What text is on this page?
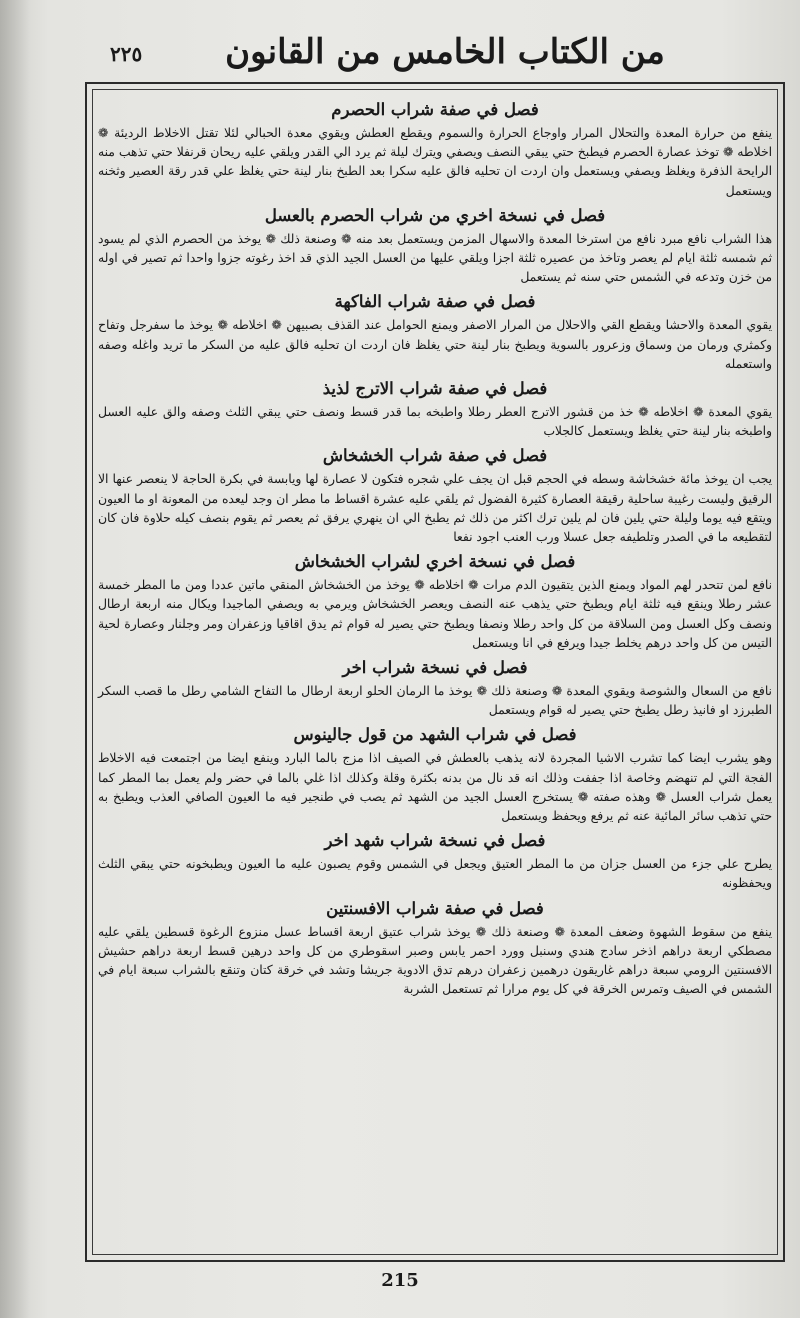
٢٢٥	من الكتاب الخامس من القانون
فصل في صفة شراب الحصرم

ينفع من حرارة المعدة والتحلال المرار واوجاع الحرارة والسموم ويقطع العطش ويقوي معدة الحبالي لئلا تقتل الاخلاط الرديئة ❁ اخلاطه ❁ توخذ عصارة الحصرم فيطبخ حتي يبقي النصف ويصفي ويترك ليلة ثم يرد الي القدر ويلقي عليه ريحان قرنفلا حتي تذهب منه الرايحة الذفرة ويغلظ ويصفي ويستعمل وان اردت ان تحليه فالق عليه سكرا بعد الطبخ بنار لينة حتي يغلظ علي قدر رقة العصير وثخنه ويستعمل

فصل في نسخة اخري من شراب الحصرم بالعسل

هذا الشراب نافع مبرد نافع من استرخا المعدة والاسهال المزمن ويستعمل بعد منه ❁ وصنعة ذلك ❁ يوخذ من الحصرم الذي لم يسود ثم شمسه ثلثة ايام لم يعصر وتاخذ من عصيره ثلثة اجزا ويلقي عليها من العسل الجيد الذي قد اخذ رغوته جزوا واحدا ثم تصير في اوله من خزن وتدعه في الشمس حتي سنه ثم يستعمل

فصل في صفة شراب الفاكهة

يقوي المعدة والاحشا ويقطع القي والاحلال من المرار الاصفر ويمنع الحوامل عند القذف بصبيهن ❁ اخلاطه ❁ يوخذ ما سفرجل وتفاح وكمثري ورمان من وسماق وزعرور بالسوية ويطبخ بنار لينة حتي يغلظ فان اردت ان تحليه فالق عليه من السكر ما تريد واغله وصفه واستعمله

فصل في صفة شراب الاترج لذيذ

يقوي المعدة ❁ اخلاطه ❁ خذ من قشور الاترج العطر رطلا واطبخه بما قدر قسط ونصف حتي يبقي الثلث وصفه والق عليه العسل واطبخه بنار لينة حتي يغلظ ويستعمل كالجلاب

فصل في صفة شراب الخشخاش

يجب ان يوخذ مائة خشخاشة وسطه في الحجم قبل ان يجف علي شجره فتكون لا عصارة لها ويابسة في بكرة الحاجة لا ينعصر عنها الا الرقيق وليست رغيبة ساحلية رقيقة العصارة كثيرة الفضول ثم يلقي عليه عشرة اقساط ما مطر ان وجد ليعده من المعونة او ما العيون ويتقع فيه يوما وليلة حتي يلين فان لم يلين ترك اكثر من ذلك ثم يطبخ الي ان ينهري يرفق ثم يعصر ثم يقوم بنصف كيله حلاوة فان كان لتقطيعه ما في الصدر وتلطيفه جعل عسلا ورب العنب اجود نفعا

فصل في نسخة اخري لشراب الخشخاش

نافع لمن تتحدر لهم المواد ويمنع الذين يتقيون الدم مرات ❁ اخلاطه ❁ يوخذ من الخشخاش المنقي ماتين عددا ومن ما المطر خمسة عشر رطلا وينقع فيه ثلثة ايام ويطبخ حتي يذهب عنه النصف ويعصر الخشخاش ويرمي به ويصفي الماجيدا ويكال منه اربعة ارطال ونصف وكل العسل ومن السلاقة من كل واحد رطلا ونصفا ويطبخ حتي يصير له قوام ثم يدق اقاقيا وزعفران ومر وجلنار وعصارة لحية التيس من كل واحد درهم يخلط جيدا ويرفع في انا ويستعمل

فصل في نسخة شراب اخر

نافع من السعال والشوصة ويقوي المعدة ❁ وصنعة ذلك ❁ يوخذ ما الرمان الحلو اربعة ارطال ما التفاح الشامي رطل ما قصب السكر الطبرزد او فانيذ رطل يطبخ حتي يصير له قوام ويستعمل

فصل في شراب الشهد من قول جالينوس

وهو يشرب ايضا كما تشرب الاشيا المجردة لانه يذهب بالعطش في الصيف اذا مزج بالما البارد وينفع ايضا من اجتمعت فيه الاخلاط الفجة التي لم تنهضم وخاصة اذا جففت وذلك انه قد نال من بدنه بكثرة وقلة وكذلك اذا غلي بالما في حضر ولم يعمل بما المطر كما يعمل شراب العسل ❁ وهذه صفته ❁ يستخرج العسل الجيد من الشهد ثم يصب في طنجير فيه ما العيون الصافي العذب ويطبخ به حتي تذهب سائر المائية عنه ثم يرفع ويحفظ ويستعمل

فصل في نسخة شراب شهد اخر

يطرح علي جزء من العسل جزان من ما المطر العتيق ويجعل في الشمس وقوم يصبون عليه ما العيون ويطبخونه حتي يبقي الثلث ويحفظونه

فصل في صفة شراب الافسنتين

ينفع من سقوط الشهوة وضعف المعدة ❁ وصنعة ذلك ❁ يوخذ شراب عتيق اربعة اقساط عسل منزوع الرغوة قسطين يلقي عليه مصطكي اربعة دراهم اذخر سادج هندي وسنبل وورد احمر يابس وصبر اسقوطري من كل واحد درهين قسط اربعة دراهم حشيش الافسنتين الرومي سبعة دراهم غاريقون درهمين زعفران درهم تدق الادوية جريشا وتشد في خرقة كتان وتنقع بالشراب سبعة ايام في الشمس في الصيف وتمرس الخرقة في كل يوم مرارا ثم تستعمل الشربة

215
